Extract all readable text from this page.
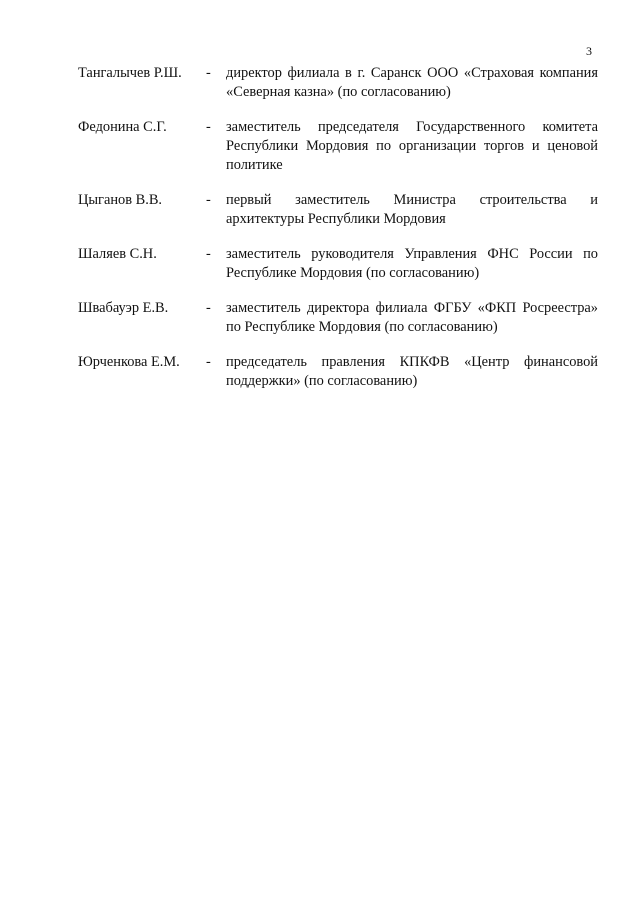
3
Тангалычев Р.Ш.	-	директор филиала в г. Саранск ООО «Страховая компания «Северная казна» (по согласованию)
Федонина С.Г.	-	заместитель председателя Государственного комитета Республики Мордовия по организации торгов и ценовой политике
Цыганов В.В.	-	первый заместитель Министра строительства и архитектуры Республики Мордовия
Шаляев С.Н.	-	заместитель руководителя Управления ФНС России по Республике Мордовия (по согласованию)
Швабауэр Е.В.	-	заместитель директора филиала ФГБУ «ФКП Росреестра» по Республике Мордовия (по согласованию)
Юрченкова Е.М.	-	председатель правления КПКФВ «Центр финансовой поддержки» (по согласованию)
